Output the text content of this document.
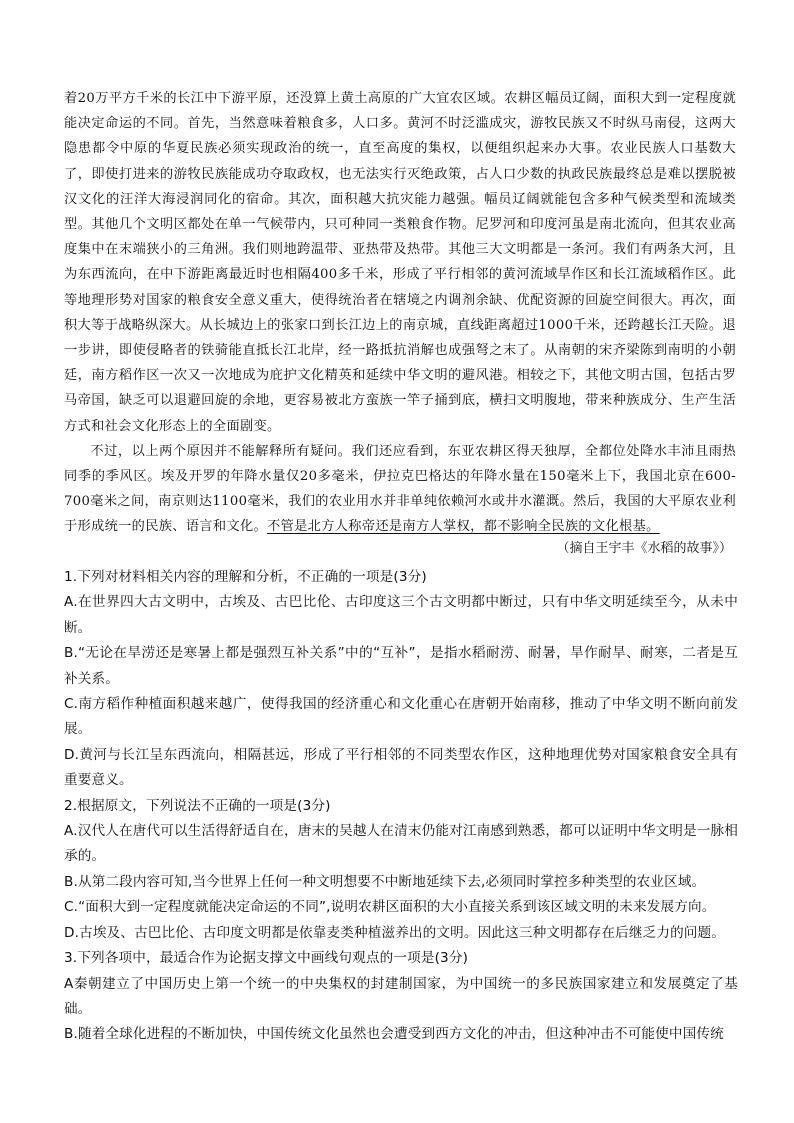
着20万平方千米的长江中下游平原，还没算上黄土高原的广大宜农区域。农耕区幅员辽阔，面积大到一定程度就能决定命运的不同。首先，当然意味着粮食多，人口多。黄河不时泛滥成灾，游牧民族又不时纵马南侵，这两大隐患都令中原的华夏民族必须实现政治的统一，直至高度的集权，以便组织起来办大事。农业民族人口基数大了，即使打进来的游牧民族能成功夺取政权，也无法实行灭绝政策，占人口少数的执政民族最终总是难以摆脱被汉文化的汪洋大海浸润同化的宿命。其次，面积越大抗灾能力越强。幅员辽阔就能包含多种气候类型和流域类型。其他几个文明区都处在单一气候带内，只可种同一类粮食作物。尼罗河和印度河虽是南北流向，但其农业高度集中在末端狭小的三角洲。我们则地跨温带、亚热带及热带。其他三大文明都是一条河。我们有两条大河，且为东西流向，在中下游距离最近时也相隔400多千米，形成了平行相邻的黄河流域旱作区和长江流域稻作区。此等地理形势对国家的粮食安全意义重大，使得统治者在辖境之内调剂余缺、优配资源的回旋空间很大。再次，面积大等于战略纵深大。从长城边上的张家口到长江边上的南京城，直线距离超过1000千米，还跨越长江天险。退一步讲，即使侵略者的铁骑能直抵长江北岸，经一路抵抗消解也成强弩之末了。从南朝的宋齐梁陈到南明的小朝廷，南方稻作区一次又一次地成为庇护文化精英和延续中华文明的避风港。相较之下，其他文明古国，包括古罗马帝国，缺乏可以退避回旋的余地，更容易被北方蛮族一竿子捅到底，横扫文明腹地，带来种族成分、生产生活方式和社会文化形态上的全面剧变。

不过，以上两个原因并不能解释所有疑问。我们还应看到，东亚农耕区得天独厚，全都位处降水丰沛且雨热同季的季风区。埃及开罗的年降水量仅20多毫米，伊拉克巴格达的年降水量在150毫米上下，我国北京在600-700毫米之间，南京则达1100毫米，我们的农业用水并非单纯依赖河水或井水灌溉。然后，我国的大平原农业利于形成统一的民族、语言和文化。不管是北方人称帝还是南方人掌权，都不影响全民族的文化根基。

（摘自王宇丰《水稻的故事》）

1.下列对材料相关内容的理解和分析，不正确的一项是(3分)

A.在世界四大古文明中，古埃及、古巴比伦、古印度这三个古文明都中断过，只有中华文明延续至今，从未中断。

B.“无论在旱涝还是寒暑上都是强烈互补关系”中的“互补”，是指水稻耐涝、耐暑，旱作耐旱、耐寒，二者是互补关系。

C.南方稻作种植面积越来越广，使得我国的经济重心和文化重心在唐朝开始南移，推动了中华文明不断向前发展。

D.黄河与长江呈东西流向，相隔甚远，形成了平行相邻的不同类型农作区，这种地理优势对国家粮食安全具有重要意义。

2.根据原文，下列说法不正确的一项是(3分)

A.汉代人在唐代可以生活得舒适自在，唐末的吴越人在清末仍能对江南感到熟悉，都可以证明中华文明是一脉相承的。

B.从第二段内容可知,当今世界上任何一种文明想要不中断地延续下去,必须同时掌控多种类型的农业区域。

C.“面积大到一定程度就能决定命运的不同”,说明农耕区面积的大小直接关系到该区域文明的未来发展方向。

D.古埃及、古巴比伦、古印度文明都是依靠麦类种植滋养出的文明。因此这三种文明都存在后继乏力的问题。

3.下列各项中，最适合作为论据支撑文中画线句观点的一项是(3分)

A秦朝建立了中国历史上第一个统一的中央集权的封建制国家，为中国统一的多民族国家建立和发展奠定了基础。

B.随着全球化进程的不断加快，中国传统文化虽然也会遭受到西方文化的冲击，但这种冲击不可能使中国传统
